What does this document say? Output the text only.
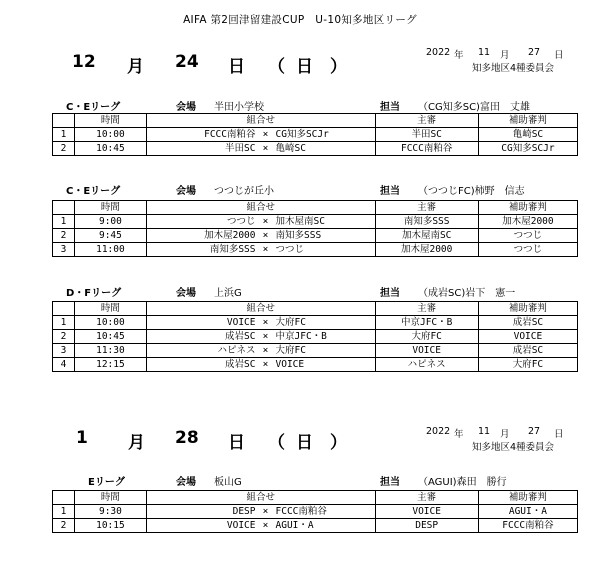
AIFA 第2回津留建設CUP　U-10知多地区リーグ
12 月 24 日 （ 日 ）
2022 年 11 月 27 日
知多地区4種委員会
C・Eリーグ	会場 半田小学校	担当 （CG知多SC)富田　丈雄
	時間	組合せ	主審	補助審判
1	10:00	FCCC南粕谷 × CG知多SCJr	半田SC	亀崎SC
2	10:45	半田SC × 亀崎SC	FCCC南粕谷	CG知多SCJr
C・Eリーグ	会場 つつじが丘小	担当 （つつじFC)柿野　信志
	時間	組合せ	主審	補助審判
1	9:00	つつじ × 加木屋南SC	南知多SSS	加木屋2000
2	9:45	加木屋2000 × 南知多SSS	加木屋南SC	つつじ
3	11:00	南知多SSS × つつじ	加木屋2000	つつじ
D・Fリーグ	会場 上浜G	担当 （成岩SC)岩下　憲一
	時間	組合せ	主審	補助審判
1	10:00	VOICE × 大府FC	中京JFC・B	成岩SC
2	10:45	成岩SC × 中京JFC・B	大府FC	VOICE
3	11:30	ハピネス × 大府FC	VOICE	成岩SC
4	12:15	成岩SC × VOICE	ハピネス	大府FC
1 月 28 日 （ 日 ）
2022 年 11 月 27 日
知多地区4種委員会
Eリーグ	会場 板山G	担当 （AGUI)森田　勝行
	時間	組合せ	主審	補助審判
1	9:30	DESP × FCCC南粕谷	VOICE	AGUI・A
2	10:15	VOICE × AGUI・A	DESP	FCCC南粕谷
